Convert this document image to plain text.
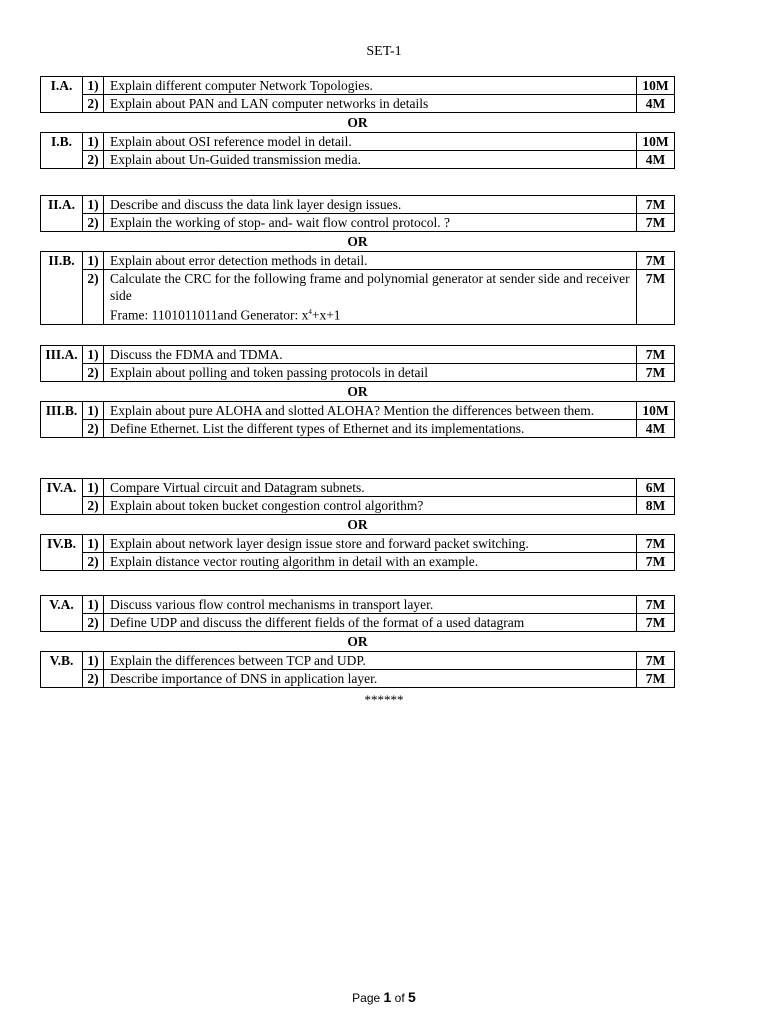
SET-1
I.A.	1)	Explain different computer Network Topologies.	10M
	2)	Explain about PAN and LAN computer networks in details	4M
OR			
I.B.	1)	Explain about OSI reference model in detail.	10M
	2)	Explain about Un-Guided transmission media.	4M
II.A.	1)	Describe and discuss the data link layer design issues.	7M
	2)	Explain the working of stop- and- wait flow control protocol. ?	7M
OR			
II.B.	1)	Explain about error detection methods in detail.	7M
	2)	Calculate the CRC for the following frame and polynomial generator at sender side and receiver side
Frame: 1101011011and Generator: $x^4+x+1$	7M
III.A.	1)	Discuss the FDMA and TDMA.	7M
	2)	Explain about polling and token passing protocols in detail	7M
OR			
III.B.	1)	Explain about pure ALOHA and slotted ALOHA? Mention the differences between them.	10M
	2)	Define Ethernet. List the different types of Ethernet and its implementations.	4M
IV.A.	1)	Compare Virtual circuit and Datagram subnets.	6M
	2)	Explain about token bucket congestion control algorithm?	8M
OR			
IV.B.	1)	Explain about network layer design issue store and forward packet switching.	7M
	2)	Explain distance vector routing algorithm in detail with an example.	7M
V.A.	1)	Discuss various flow control mechanisms in transport layer.	7M
	2)	Define UDP and discuss the different fields of the format of a used datagram	7M
OR			
V.B.	1)	Explain the differences between TCP and UDP.	7M
	2)	Describe importance of DNS in application layer.	7M
******
Page 1 of 5
